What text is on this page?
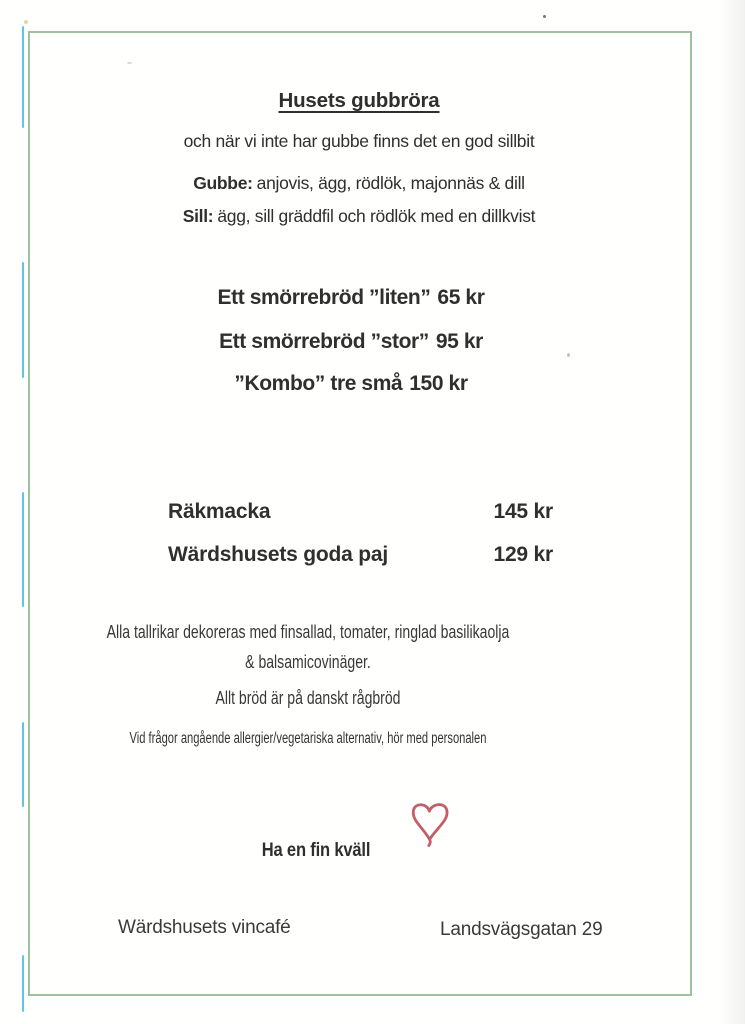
Husets gubbröra
och när vi inte har gubbe finns det en god sillbit
Gubbe: anjovis, ägg, rödlök, majonnäs & dill
Sill: ägg, sill gräddfil och rödlök med en dillkvist
Ett smörrebröd ”liten” 65 kr
Ett smörrebröd ”stor” 95 kr
”Kombo” tre små 150 kr
Räkmacka	145 kr
Wärdshusets goda paj	129 kr
Alla tallrikar dekoreras med finsallad, tomater, ringlad basilikaolja
& balsamicovinäger.
Allt bröd är på danskt rågbröd
Vid frågor angående allergier/vegetariska alternativ, hör med personalen
Ha en fin kväll
Wärdshusets vincafé	Landsvägsgatan 29
